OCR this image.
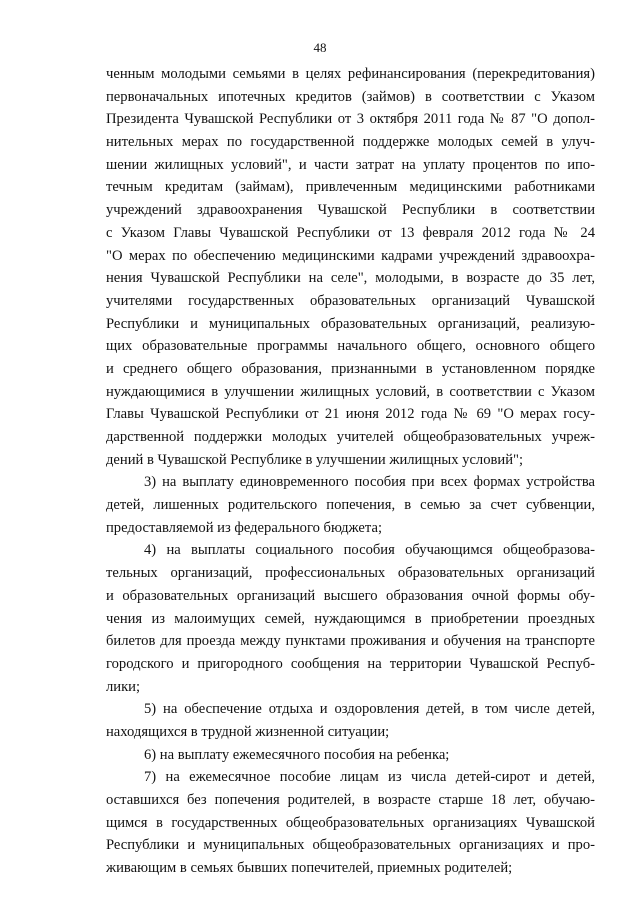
48
ченным молодыми семьями в целях рефинансирования (перекредитования)
первоначальных ипотечных кредитов (займов) в соответствии с Указом
Президента Чувашской Республики от 3 октября 2011 года № 87 "О допол-
нительных мерах по государственной поддержке молодых семей в улуч-
шении жилищных условий", и части затрат на уплату процентов по ипо-
течным кредитам (займам), привлеченным медицинскими работниками
учреждений здравоохранения Чувашской Республики в соответствии
с Указом Главы Чувашской Республики от 13 февраля 2012 года № 24
"О мерах по обеспечению медицинскими кадрами учреждений здравоохра-
нения Чувашской Республики на селе", молодыми, в возрасте до 35 лет,
учителями государственных образовательных организаций Чувашской
Республики и муниципальных образовательных организаций, реализую-
щих образовательные программы начального общего, основного общего
и среднего общего образования, признанными в установленном порядке
нуждающимися в улучшении жилищных условий, в соответствии с Указом
Главы Чувашской Республики от 21 июня 2012 года № 69 "О мерах госу-
дарственной поддержки молодых учителей общеобразовательных учреж-
дений в Чувашской Республике в улучшении жилищных условий";
3) на выплату единовременного пособия при всех формах устройства
детей, лишенных родительского попечения, в семью за счет субвенции,
предоставляемой из федерального бюджета;
4) на выплаты социального пособия обучающимся общеобразова-
тельных организаций, профессиональных образовательных организаций
и образовательных организаций высшего образования очной формы обу-
чения из малоимущих семей, нуждающимся в приобретении проездных
билетов для проезда между пунктами проживания и обучения на транспорте
городского и пригородного сообщения на территории Чувашской Респуб-
лики;
5) на обеспечение отдыха и оздоровления детей, в том числе детей,
находящихся в трудной жизненной ситуации;
6) на выплату ежемесячного пособия на ребенка;
7) на ежемесячное пособие лицам из числа детей-сирот и детей,
оставшихся без попечения родителей, в возрасте старше 18 лет, обучаю-
щимся в государственных общеобразовательных организациях Чувашской
Республики и муниципальных общеобразовательных организациях и про-
живающим в семьях бывших попечителей, приемных родителей;
